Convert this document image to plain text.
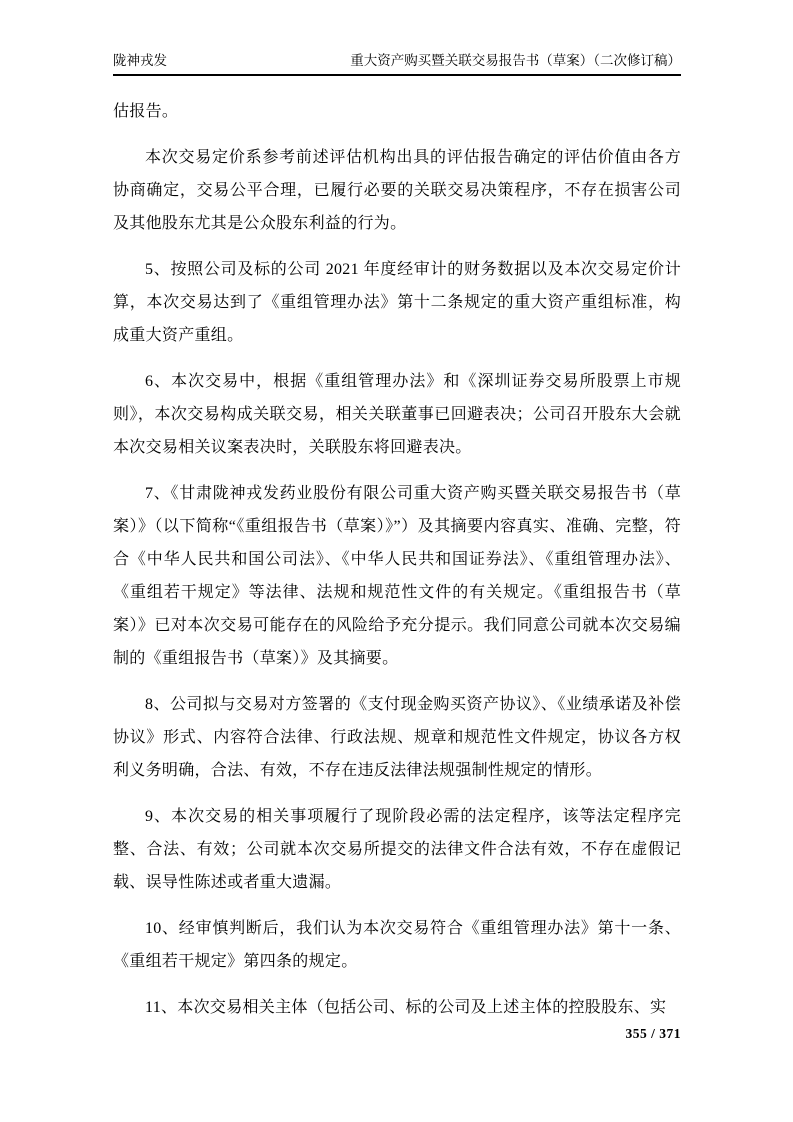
陇神戎发	重大资产购买暨关联交易报告书（草案）（二次修订稿）

估报告。

本次交易定价系参考前述评估机构出具的评估报告确定的评估价值由各方协商确定，交易公平合理，已履行必要的关联交易决策程序，不存在损害公司及其他股东尤其是公众股东利益的行为。

5、按照公司及标的公司 2021 年度经审计的财务数据以及本次交易定价计算，本次交易达到了《重组管理办法》第十二条规定的重大资产重组标准，构成重大资产重组。

6、本次交易中，根据《重组管理办法》和《深圳证券交易所股票上市规则》，本次交易构成关联交易，相关关联董事已回避表决；公司召开股东大会就本次交易相关议案表决时，关联股东将回避表决。

7、《甘肃陇神戎发药业股份有限公司重大资产购买暨关联交易报告书（草案）》（以下简称“《重组报告书（草案）》”）及其摘要内容真实、准确、完整，符合《中华人民共和国公司法》、《中华人民共和国证券法》、《重组管理办法》、《重组若干规定》等法律、法规和规范性文件的有关规定。《重组报告书（草案）》已对本次交易可能存在的风险给予充分提示。我们同意公司就本次交易编制的《重组报告书（草案）》及其摘要。

8、公司拟与交易对方签署的《支付现金购买资产协议》、《业绩承诺及补偿协议》形式、内容符合法律、行政法规、规章和规范性文件规定，协议各方权利义务明确，合法、有效，不存在违反法律法规强制性规定的情形。

9、本次交易的相关事项履行了现阶段必需的法定程序，该等法定程序完整、合法、有效；公司就本次交易所提交的法律文件合法有效，不存在虚假记载、误导性陈述或者重大遗漏。

10、经审慎判断后，我们认为本次交易符合《重组管理办法》第十一条、《重组若干规定》第四条的规定。

11、本次交易相关主体（包括公司、标的公司及上述主体的控股股东、实

355 / 371
